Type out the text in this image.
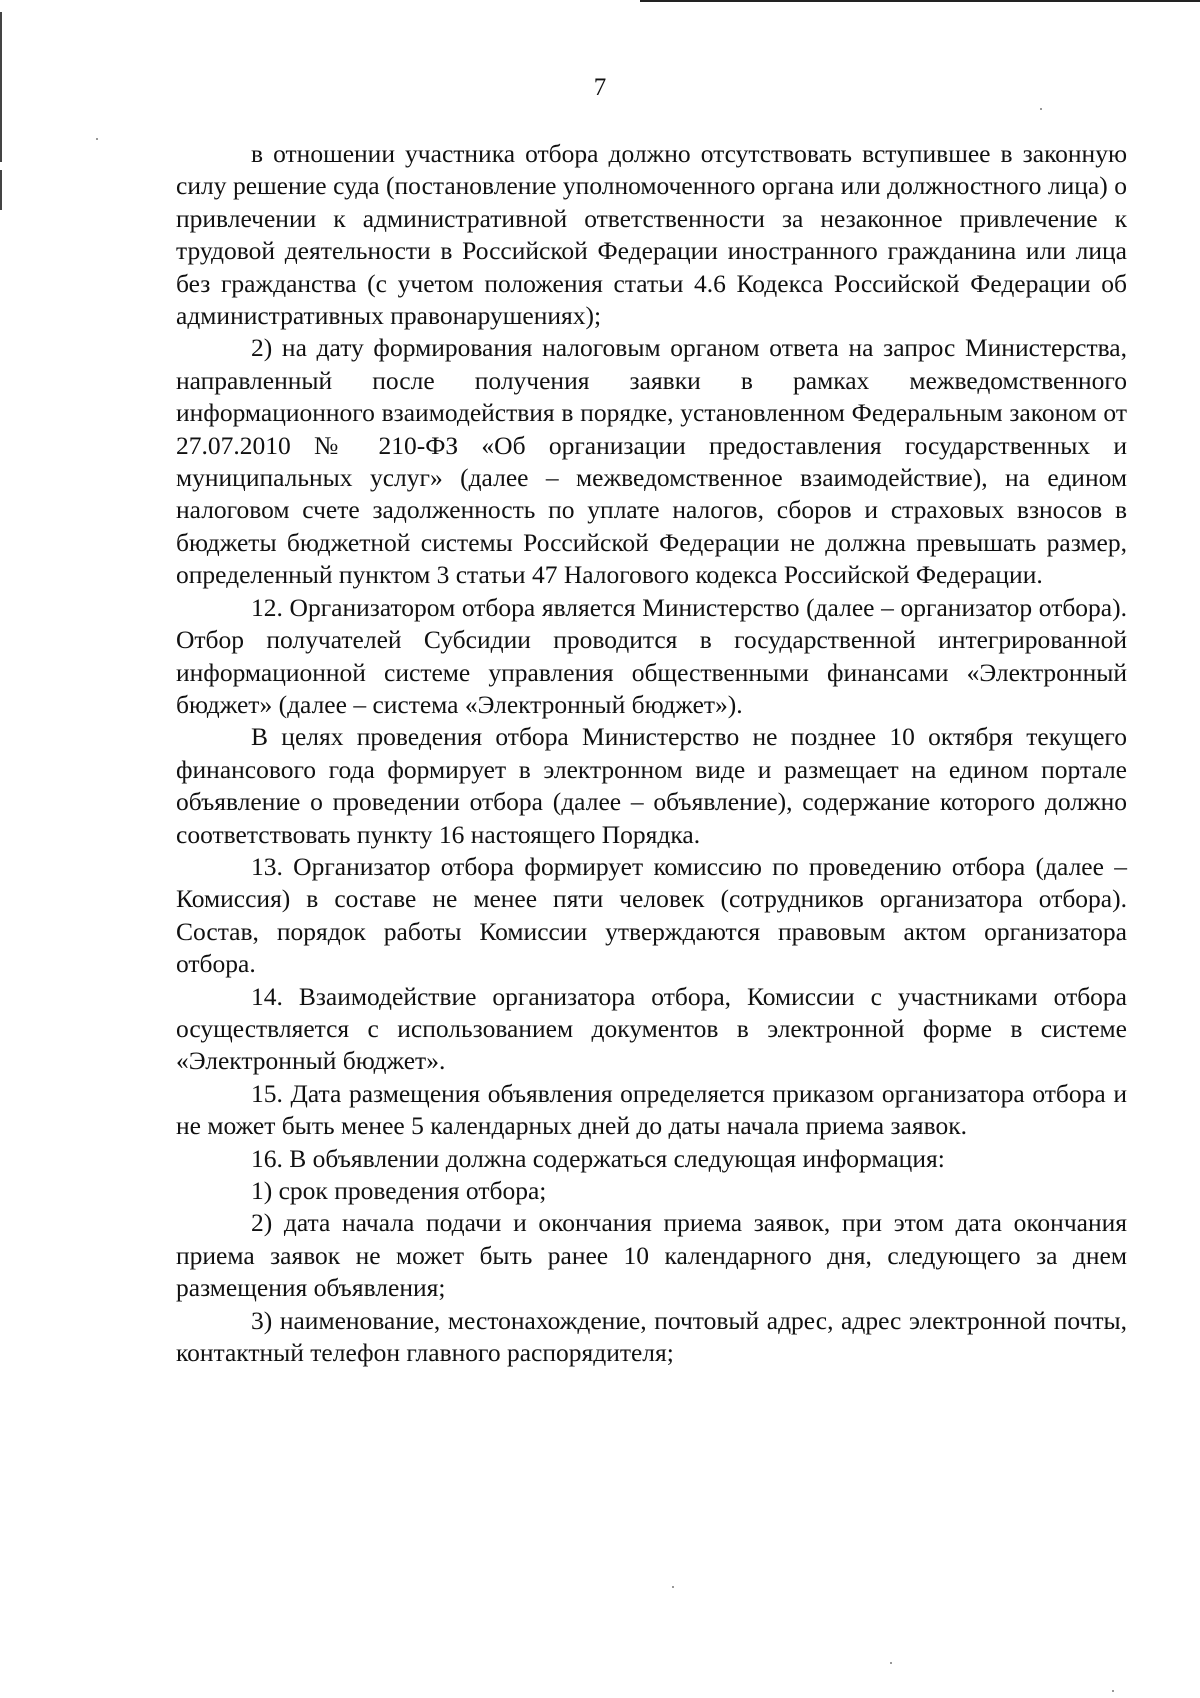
7

в отношении участника отбора должно отсутствовать вступившее в законную силу решение суда (постановление уполномоченного органа или должностного лица) о привлечении к административной ответственности за незаконное привлечение к трудовой деятельности в Российской Федерации иностранного гражданина или лица без гражданства (с учетом положения статьи 4.6 Кодекса Российской Федерации об административных правонарушениях);

2) на дату формирования налоговым органом ответа на запрос Министерства, направленный после получения заявки в рамках межведомственного информационного взаимодействия в порядке, установленном Федеральным законом от 27.07.2010 № 210-ФЗ «Об организации предоставления государственных и муниципальных услуг» (далее – межведомственное взаимодействие), на едином налоговом счете задолженность по уплате налогов, сборов и страховых взносов в бюджеты бюджетной системы Российской Федерации не должна превышать размер, определенный пунктом 3 статьи 47 Налогового кодекса Российской Федерации.

12. Организатором отбора является Министерство (далее – организатор отбора). Отбор получателей Субсидии проводится в государственной интегрированной информационной системе управления общественными финансами «Электронный бюджет» (далее – система «Электронный бюджет»).

В целях проведения отбора Министерство не позднее 10 октября текущего финансового года формирует в электронном виде и размещает на едином портале объявление о проведении отбора (далее – объявление), содержание которого должно соответствовать пункту 16 настоящего Порядка.

13. Организатор отбора формирует комиссию по проведению отбора (далее – Комиссия) в составе не менее пяти человек (сотрудников организатора отбора). Состав, порядок работы Комиссии утверждаются правовым актом организатора отбора.

14. Взаимодействие организатора отбора, Комиссии с участниками отбора осуществляется с использованием документов в электронной форме в системе «Электронный бюджет».

15. Дата размещения объявления определяется приказом организатора отбора и не может быть менее 5 календарных дней до даты начала приема заявок.

16. В объявлении должна содержаться следующая информация:

1) срок проведения отбора;

2) дата начала подачи и окончания приема заявок, при этом дата окончания приема заявок не может быть ранее 10 календарного дня, следующего за днем размещения объявления;

3) наименование, местонахождение, почтовый адрес, адрес электронной почты, контактный телефон главного распорядителя;
